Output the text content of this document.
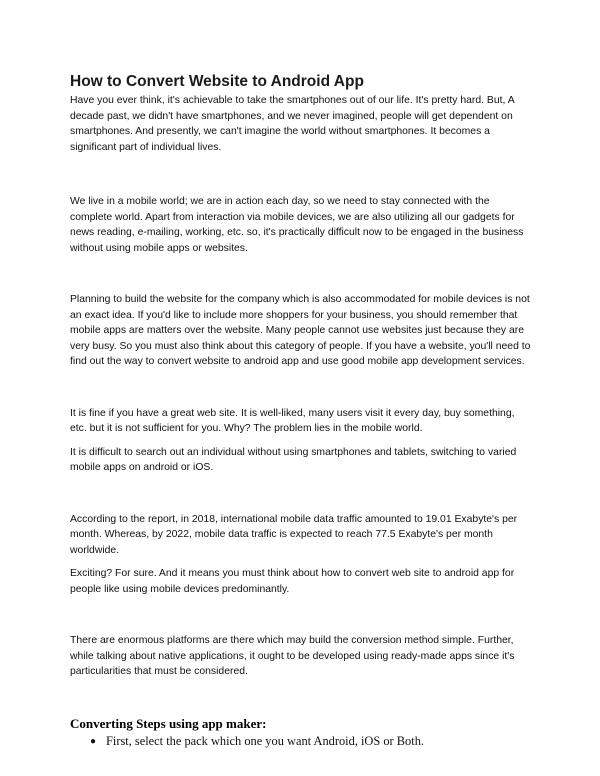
How to Convert Website to Android App

Have you ever think, it's achievable to take the smartphones out of our life. It's pretty hard. But, A decade past, we didn't have smartphones, and we never imagined, people will get dependent on smartphones. And presently, we can't imagine the world without smartphones. It becomes a significant part of individual lives.

We live in a mobile world; we are in action each day, so we need to stay connected with the complete world. Apart from interaction via mobile devices, we are also utilizing all our gadgets for news reading, e-mailing, working, etc. so, it's practically difficult now to be engaged in the business without using mobile apps or websites.

Planning to build the website for the company which is also accommodated for mobile devices is not an exact idea. If you'd like to include more shoppers for your business, you should remember that mobile apps are matters over the website. Many people cannot use websites just because they are very busy. So you must also think about this category of people. If you have a website, you'll need to find out the way to convert website to android app and use good mobile app development services.

It is fine if you have a great web site. It is well-liked, many users visit it every day, buy something, etc. but it is not sufficient for you. Why? The problem lies in the mobile world.

It is difficult to search out an individual without using smartphones and tablets, switching to varied mobile apps on android or iOS.

According to the report, in 2018, international mobile data traffic amounted to 19.01 Exabyte's per month. Whereas, by 2022, mobile data traffic is expected to reach 77.5 Exabyte's per month worldwide.

Exciting? For sure. And it means you must think about how to convert web site to android app for people like using mobile devices predominantly.

There are enormous platforms are there which may build the conversion method simple. Further, while talking about native applications, it ought to be developed using ready-made apps since it's particularities that must be considered.

Converting Steps using app maker:
● First, select the pack which one you want Android, iOS or Both.
